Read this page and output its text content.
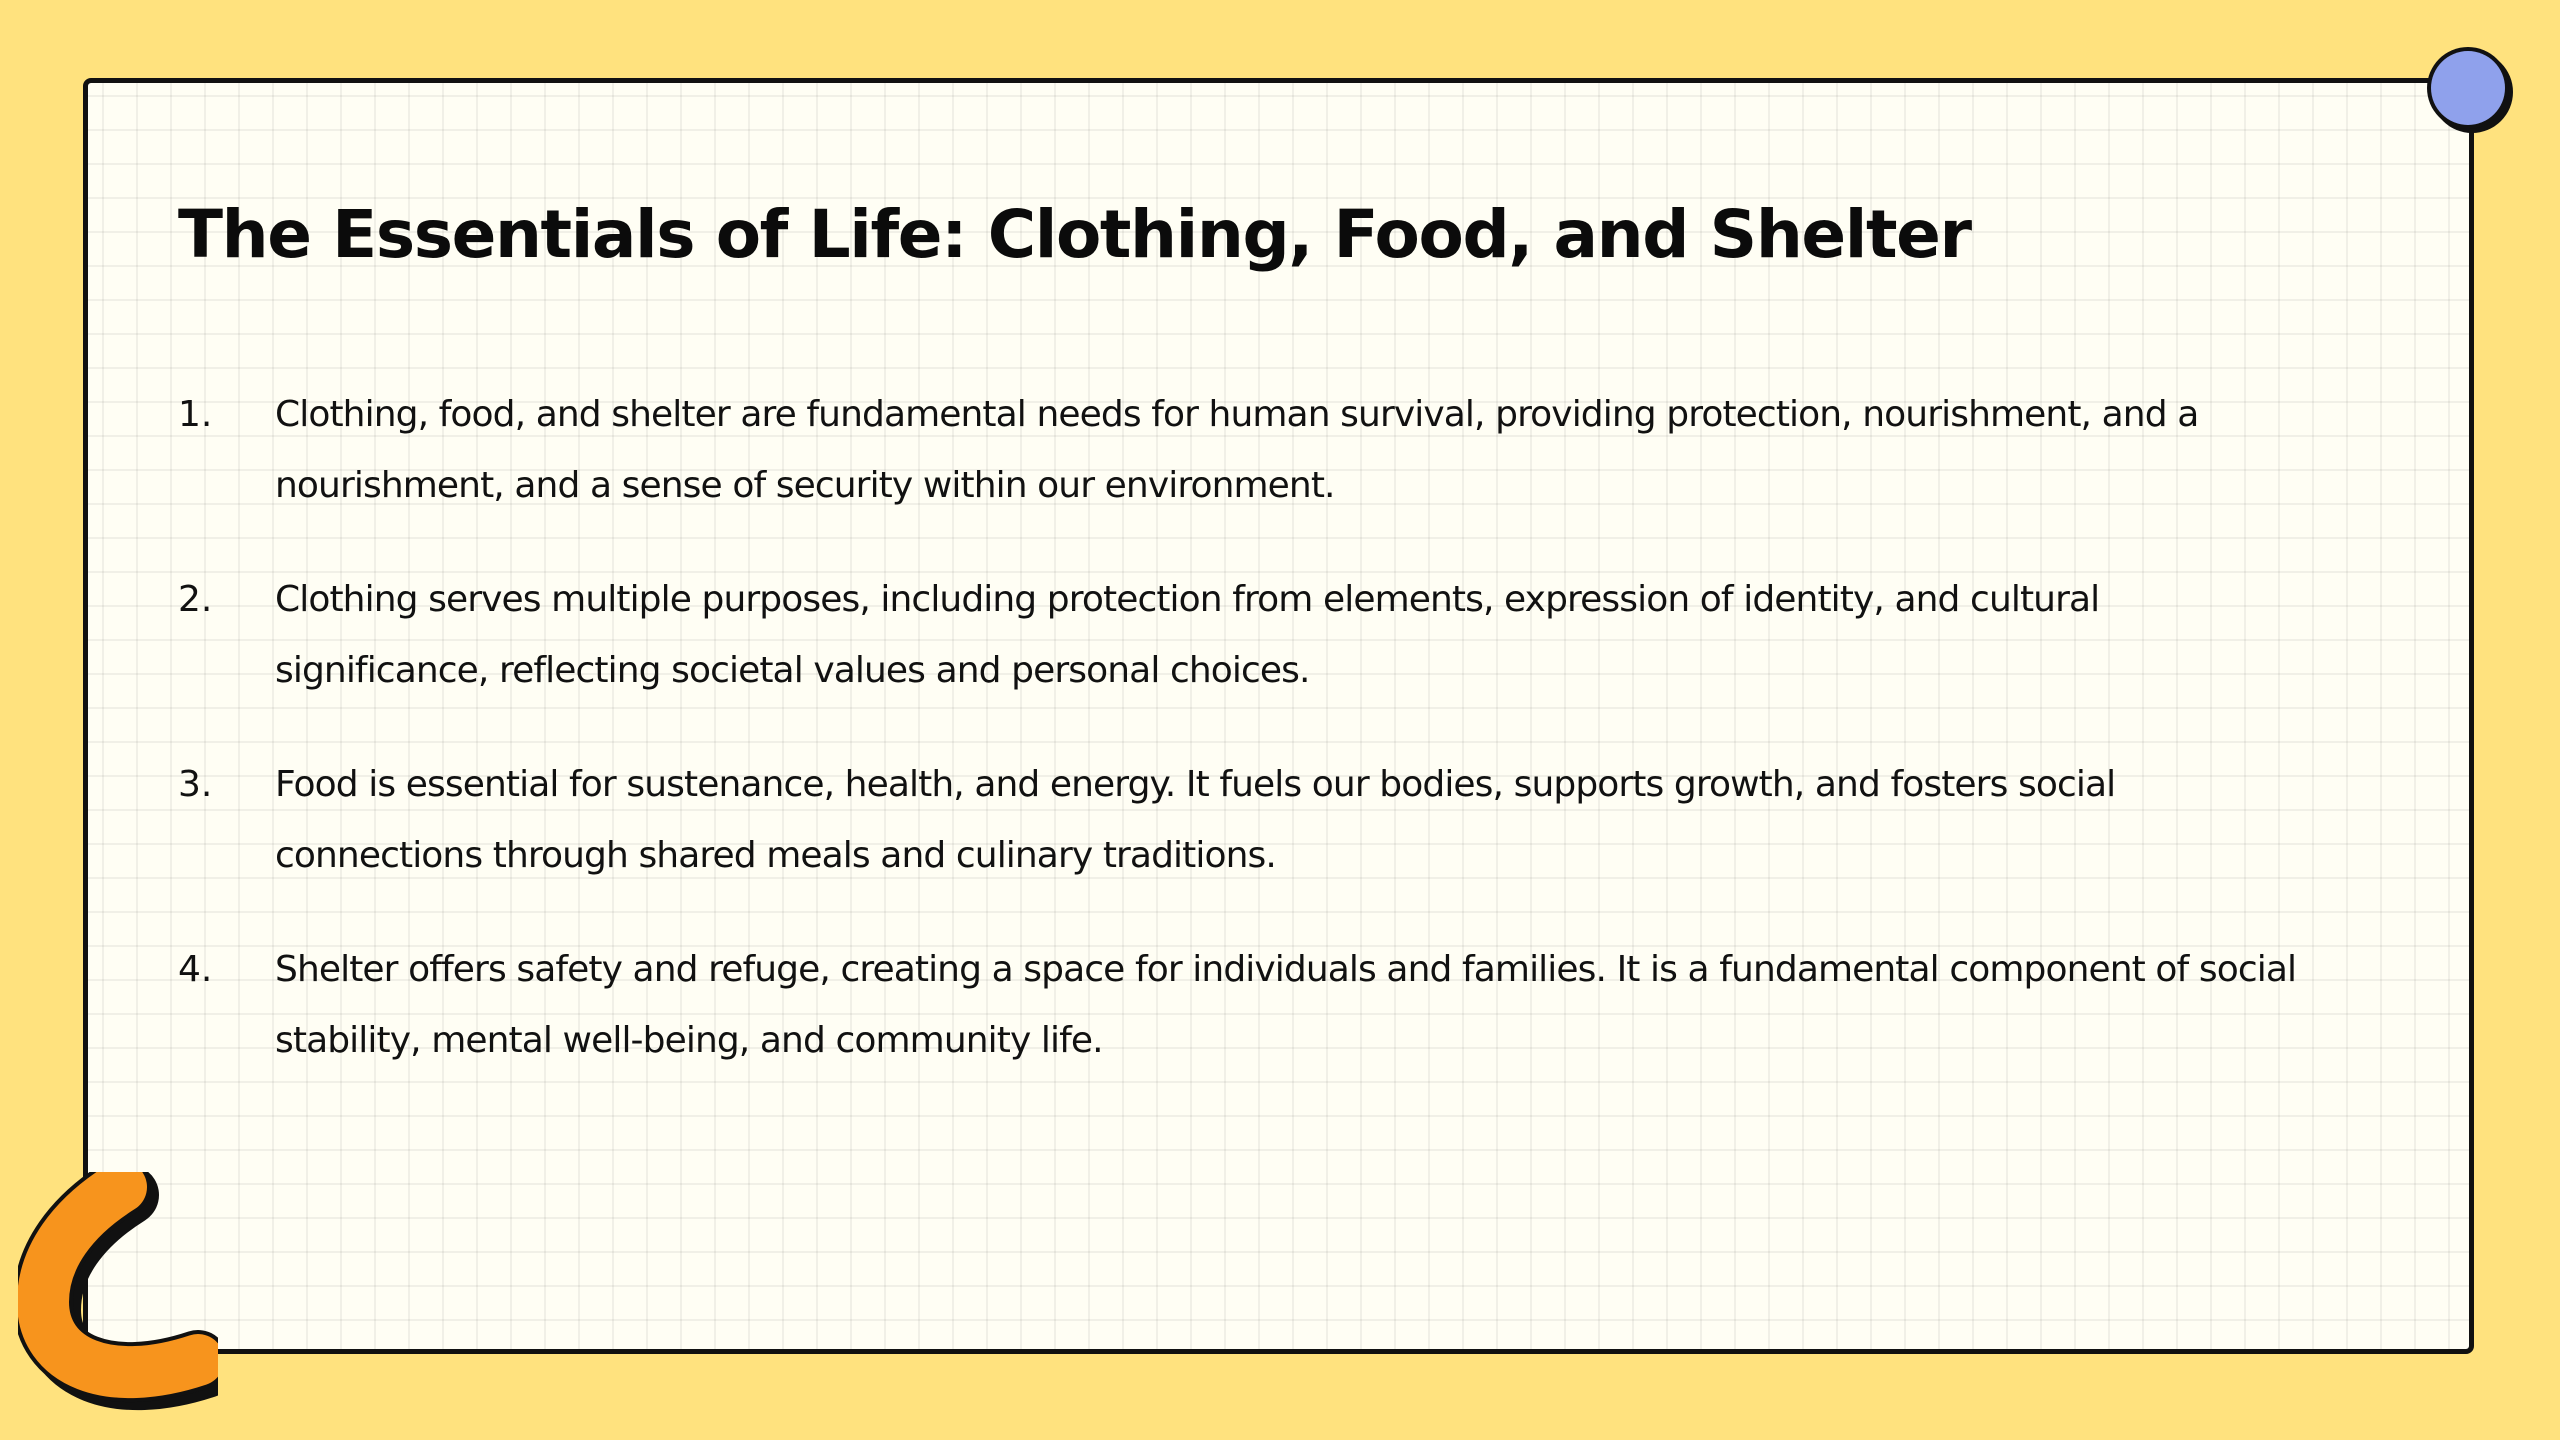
The Essentials of Life: Clothing, Food, and Shelter
1. Clothing, food, and shelter are fundamental needs for human survival, providing protection, nourishment, and a
nourishment, and a sense of security within our environment.
2. Clothing serves multiple purposes, including protection from elements, expression of identity, and cultural
significance, reflecting societal values and personal choices.
3. Food is essential for sustenance, health, and energy. It fuels our bodies, supports growth, and fosters social
connections through shared meals and culinary traditions.
4. Shelter offers safety and refuge, creating a space for individuals and families. It is a fundamental component of social
stability, mental well-being, and community life.
